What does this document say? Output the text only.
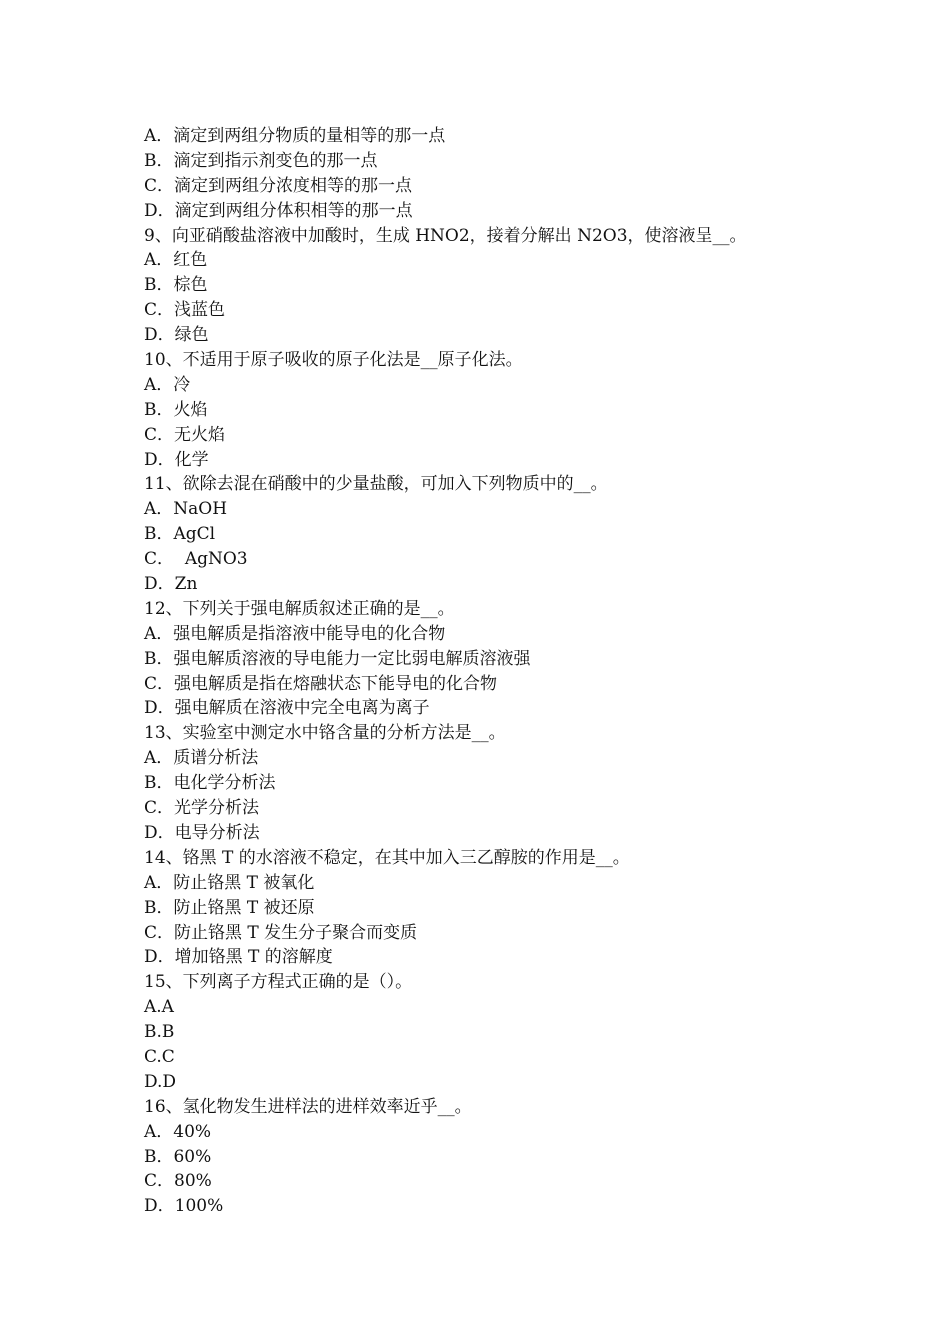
A．滴定到两组分物质的量相等的那一点
B．滴定到指示剂变色的那一点
C．滴定到两组分浓度相等的那一点
D．滴定到两组分体积相等的那一点
9、向亚硝酸盐溶液中加酸时，生成 HNO2，接着分解出 N2O3，使溶液呈__。
A．红色
B．棕色
C．浅蓝色
D．绿色
10、不适用于原子吸收的原子化法是__原子化法。
A．冷
B．火焰
C．无火焰
D．化学
11、欲除去混在硝酸中的少量盐酸，可加入下列物质中的__。
A．NaOH
B．AgCl
C．  AgNO3
D．Zn
12、下列关于强电解质叙述正确的是__。
A．强电解质是指溶液中能导电的化合物
B．强电解质溶液的导电能力一定比弱电解质溶液强
C．强电解质是指在熔融状态下能导电的化合物
D．强电解质在溶液中完全电离为离子
13、实验室中测定水中铬含量的分析方法是__。
A．质谱分析法
B．电化学分析法
C．光学分析法
D．电导分析法
14、铬黑 T 的水溶液不稳定，在其中加入三乙醇胺的作用是__。
A．防止铬黑 T 被氧化
B．防止铬黑 T 被还原
C．防止铬黑 T 发生分子聚合而变质
D．增加铬黑 T 的溶解度
15、下列离子方程式正确的是（）。
A.A
B.B
C.C
D.D
16、氢化物发生进样法的进样效率近乎__。
A．40%
B．60%
C．80%
D．100%
